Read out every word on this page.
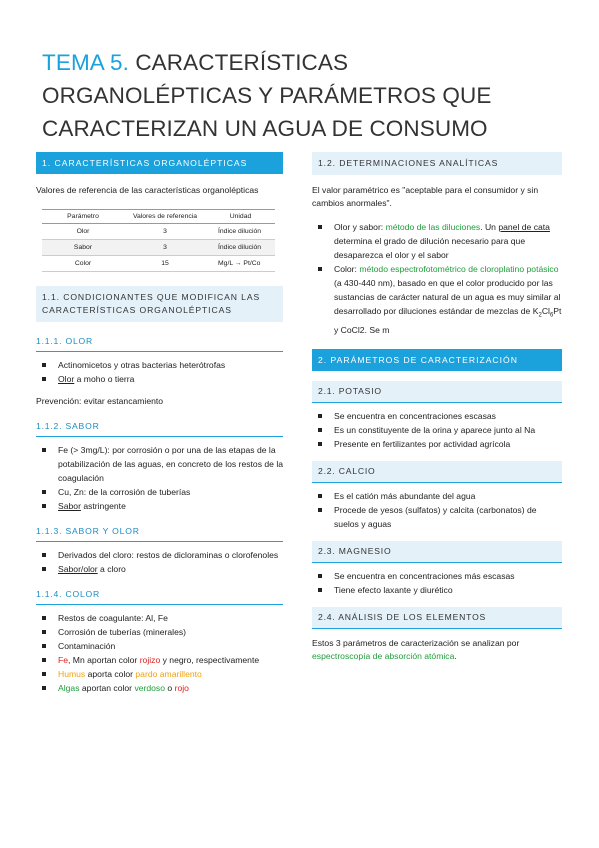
TEMA 5. CARACTERÍSTICAS ORGANOLÉPTICAS Y PARÁMETROS QUE CARACTERIZAN UN AGUA DE CONSUMO
1. CARACTERÍSTICAS ORGANOLÉPTICAS

Valores de referencia de las características organolépticas

Parámetro	Valores de referencia	Unidad
Olor	3	Índice dilución
Sabor	3	Índice dilución
Color	15	Mg/L → Pt/Co
1.1. CONDICIONANTES QUE MODIFICAN LAS CARACTERÍSTICAS ORGANOLÉPTICAS
1.1.1. OLOR
Actinomicetos y otras bacterias heterótrofas
Olor a moho o tierra

Prevención: evitar estancamiento

1.1.2. SABOR
Fe (> 3mg/L): por corrosión o por una de las etapas de la potabilización de las aguas, en concreto de los restos de la coagulación
Cu, Zn: de la corrosión de tuberías
Sabor astringente
1.1.3. SABOR Y OLOR
Derivados del cloro: restos de dicloraminas o clorofenoles
Sabor/olor a cloro
1.1.4. COLOR
Restos de coagulante: Al, Fe
Corrosión de tuberías (minerales)
Contaminación
Fe, Mn aportan color rojizo y negro, respectivamente
Humus aporta color pardo amarillento
Algas aportan color verdoso o rojo
1.2. DETERMINACIONES ANALÍTICAS

El valor paramétrico es "aceptable para el consumidor y sin cambios anormales".

Olor y sabor: método de las diluciones. Un panel de cata determina el grado de dilución necesario para que desaparezca el olor y el sabor
Color: método espectrofotométrico de cloroplatino potásico (a 430-440 nm), basado en que el color producido por las sustancias de carácter natural de un agua es muy similar al desarrollado por diluciones estándar de mezclas de $K_2Cl_6Pt$ y CoCl2. Se m
2. PARÁMETROS DE CARACTERIZACIÓN
2.1. POTASIO
Se encuentra en concentraciones escasas
Es un constituyente de la orina y aparece junto al Na
Presente en fertilizantes por actividad agrícola
2.2. CALCIO
Es el catión más abundante del agua
Procede de yesos (sulfatos) y calcita (carbonatos) de suelos y aguas
2.3. MAGNESIO
Se encuentra en concentraciones más escasas
Tiene efecto laxante y diurético
2.4. ANÁLISIS DE LOS ELEMENTOS

Estos 3 parámetros de caracterización se analizan por espectroscopía de absorción atómica.
